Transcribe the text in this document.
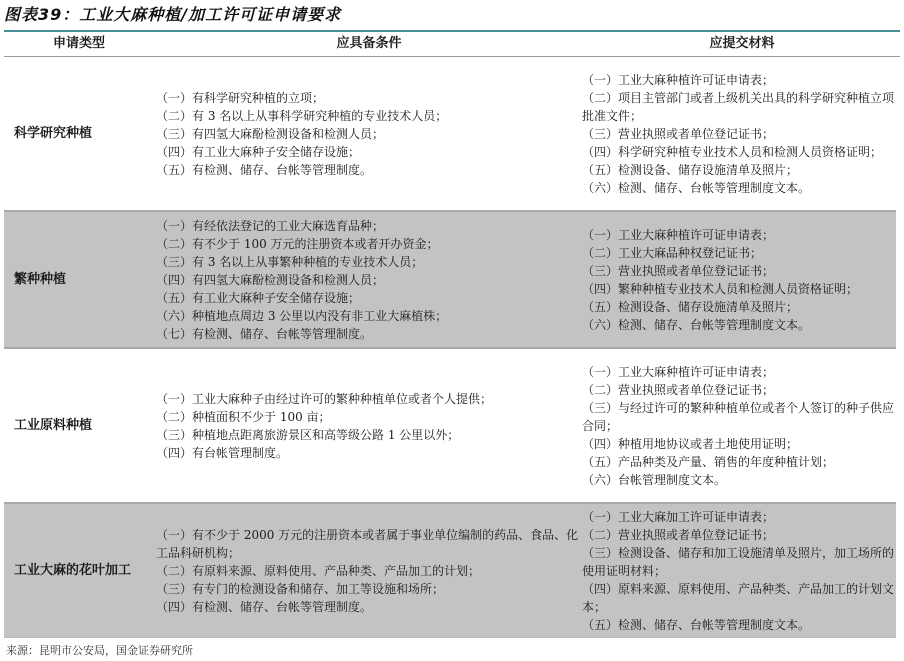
图表39：工业大麻种植/加工许可证申请要求
申请类型	应具备条件	应提交材料
科学研究种植
（一）有科学研究种植的立项；
（二）有 3 名以上从事科学研究种植的专业技术人员；
（三）有四氢大麻酚检测设备和检测人员；
（四）有工业大麻种子安全储存设施；
（五）有检测、储存、台帐等管理制度。
（一）工业大麻种植许可证申请表；
（二）项目主管部门或者上级机关出具的科学研究种植立项批准文件；
（三）营业执照或者单位登记证书；
（四）科学研究种植专业技术人员和检测人员资格证明；
（五）检测设备、储存设施清单及照片；
（六）检测、储存、台帐等管理制度文本。
繁种种植
（一）有经依法登记的工业大麻选育品种；
（二）有不少于 100 万元的注册资本或者开办资金；
（三）有 3 名以上从事繁种种植的专业技术人员；
（四）有四氢大麻酚检测设备和检测人员；
（五）有工业大麻种子安全储存设施；
（六）种植地点周边 3 公里以内没有非工业大麻植株；
（七）有检测、储存、台帐等管理制度。
（一）工业大麻种植许可证申请表；
（二）工业大麻品种权登记证书；
（三）营业执照或者单位登记证书；
（四）繁种种植专业技术人员和检测人员资格证明；
（五）检测设备、储存设施清单及照片；
（六）检测、储存、台帐等管理制度文本。
工业原料种植
（一）工业大麻种子由经过许可的繁种种植单位或者个人提供；
（二）种植面积不少于 100 亩；
（三）种植地点距离旅游景区和高等级公路 1 公里以外；
（四）有台帐管理制度。
（一）工业大麻种植许可证申请表；
（二）营业执照或者单位登记证书；
（三）与经过许可的繁种种植单位或者个人签订的种子供应合同；
（四）种植用地协议或者土地使用证明；
（五）产品种类及产量、销售的年度种植计划；
（六）台帐管理制度文本。
工业大麻的花叶加工
（一）有不少于 2000 万元的注册资本或者属于事业单位编制的药品、食品、化工品科研机构；
（二）有原料来源、原料使用、产品种类、产品加工的计划；
（三）有专门的检测设备和储存、加工等设施和场所；
（四）有检测、储存、台帐等管理制度。
（一）工业大麻加工许可证申请表；
（二）营业执照或者单位登记证书；
（三）检测设备、储存和加工设施清单及照片，加工场所的使用证明材料；
（四）原料来源、原料使用、产品种类、产品加工的计划文本；
（五）检测、储存、台帐等管理制度文本。
来源：昆明市公安局，国金证券研究所
